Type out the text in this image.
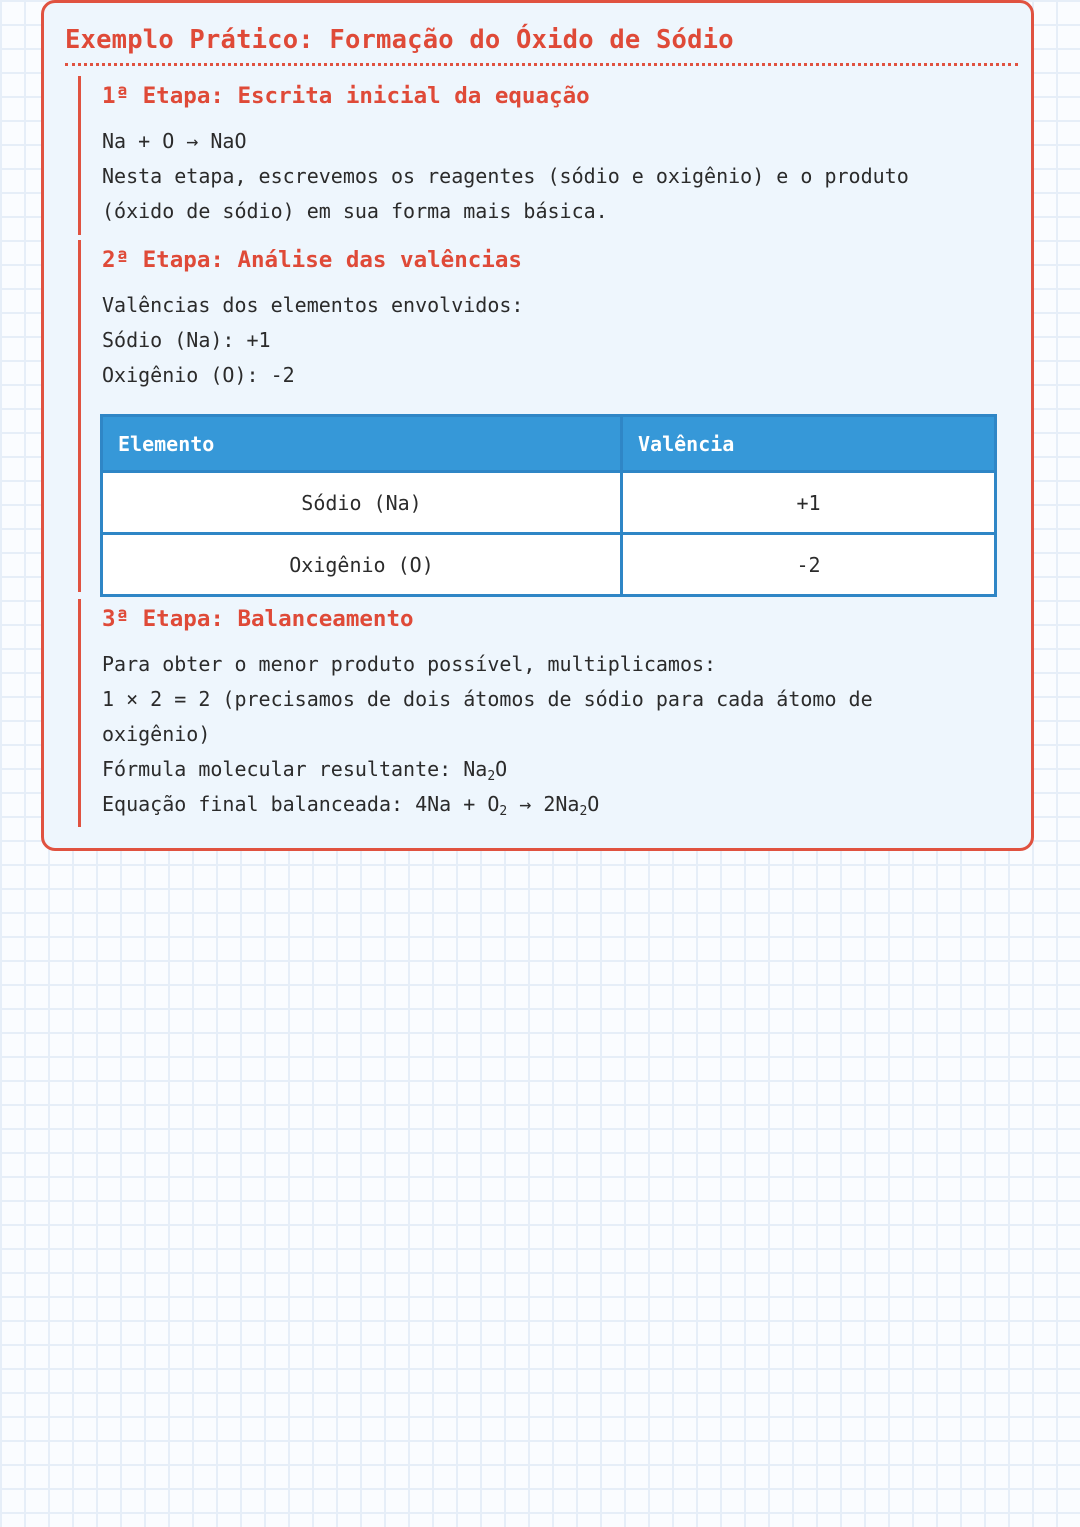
Exemplo Prático: Formação do Óxido de Sódio
1ª Etapa: Escrita inicial da equação
Na + O → NaO
Nesta etapa, escrevemos os reagentes (sódio e oxigênio) e o produto (óxido de sódio) em sua forma mais básica.
2ª Etapa: Análise das valências
Valências dos elementos envolvidos:
Sódio (Na): +1
Oxigênio (O): -2
Elemento	Valência
Sódio (Na)	+1
Oxigênio (O)	-2
3ª Etapa: Balanceamento
Para obter o menor produto possível, multiplicamos:
1 × 2 = 2 (precisamos de dois átomos de sódio para cada átomo de oxigênio)
Fórmula molecular resultante: $Na_2O$
Equação final balanceada: $4Na + O_2 \to 2Na_2O$
